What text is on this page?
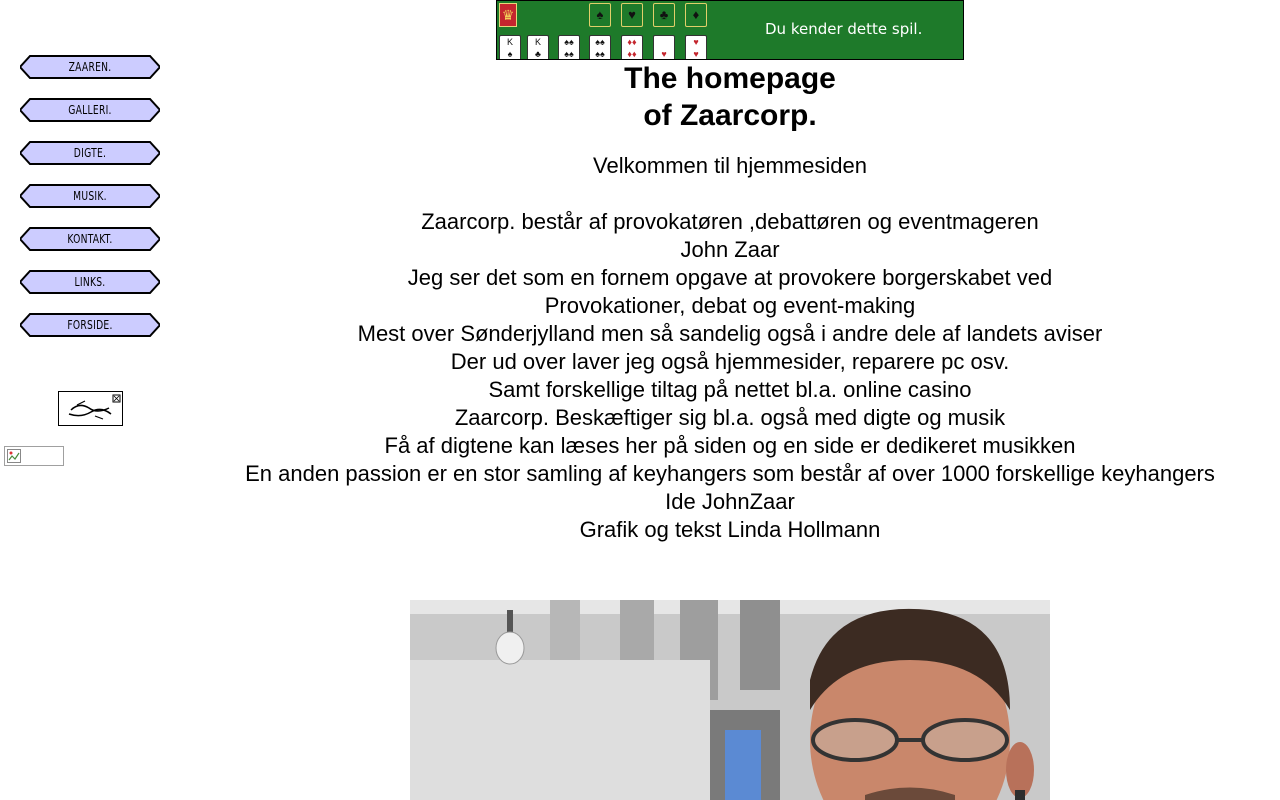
ZAAREN.
GALLERI.
DIGTE.
MUSIK.
KONTAKT.
LINKS.
FORSIDE.
♛	♠	♥	♣	♦
K
♠
K
♣
♠♠
♠♠
♠♠
♠♠
♦♦
♦♦	♥
♥
♥
Du kender dette spil.
The homepage
of Zaarcorp.
Velkommen til hjemmesiden
Zaarcorp. består af provokatøren ,debattøren og eventmageren
John Zaar
Jeg ser det som en fornem opgave at provokere borgerskabet ved
Provokationer, debat og event-making
Mest over Sønderjylland men så sandelig også i andre dele af landets aviser
Der ud over laver jeg også hjemmesider, reparere pc osv.
Samt forskellige tiltag på nettet bl.a. online casino
Zaarcorp. Beskæftiger sig bl.a. også med digte og musik
Få af digtene kan læses her på siden og en side er dedikeret musikken
En anden passion er en stor samling af keyhangers som består af over 1000 forskellige keyhangers
Ide JohnZaar
Grafik og tekst Linda Hollmann
